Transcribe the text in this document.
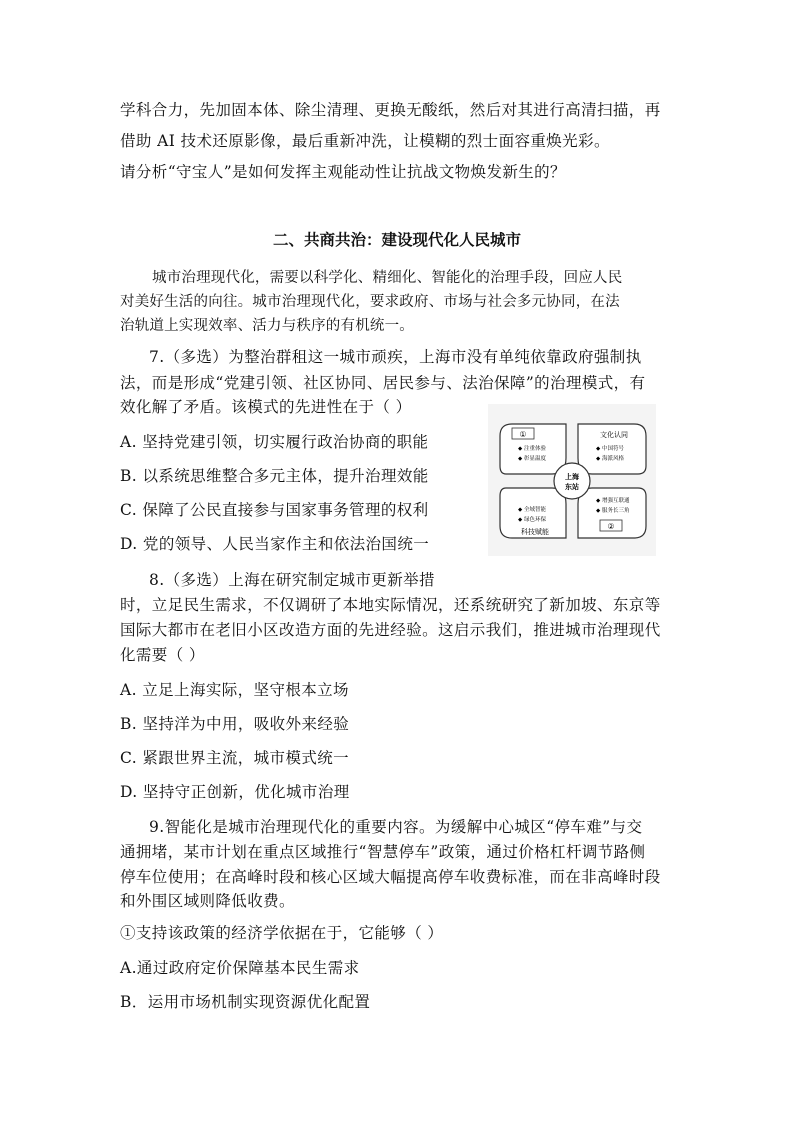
学科合力，先加固本体、除尘清理、更换无酸纸，然后对其进行高清扫描，再
借助 AI 技术还原影像，最后重新冲洗，让模糊的烈士面容重焕光彩。
请分析“守宝人”是如何发挥主观能动性让抗战文物焕发新生的？
二、共商共治：建设现代化人民城市
城市治理现代化，需要以科学化、精细化、智能化的治理手段，回应人民
对美好生活的向往。城市治理现代化，要求政府、市场与社会多元协同，在法
治轨道上实现效率、活力与秩序的有机统一。
7.（多选）为整治群租这一城市顽疾，上海市没有单纯依靠政府强制执
法，而是形成“党建引领、社区协同、居民参与、法治保障”的治理模式，有
效化解了矛盾。该模式的先进性在于（ ）
A. 坚持党建引领，切实履行政治协商的职能
B. 以系统思维整合多元主体，提升治理效能
C. 保障了公民直接参与国家事务管理的权利
D. 党的领导、人民当家作主和依法治国统一
①
②
上海
东站
◆ 注重体验
◆ 彰显温度
文化认同
◆ 中国符号
◆ 海派风格
◆ 全域智能
◆ 绿色环保
科技赋能
◆ 增强互联通
◆ 服务长三角
8.（多选）上海在研究制定城市更新举措
时，立足民生需求，不仅调研了本地实际情况，还系统研究了新加坡、东京等
国际大都市在老旧小区改造方面的先进经验。这启示我们，推进城市治理现代
化需要（ ）
A. 立足上海实际，坚守根本立场
B. 坚持洋为中用，吸收外来经验
C. 紧跟世界主流，城市模式统一
D. 坚持守正创新，优化城市治理
9.智能化是城市治理现代化的重要内容。为缓解中心城区“停车难”与交
通拥堵，某市计划在重点区域推行“智慧停车”政策，通过价格杠杆调节路侧
停车位使用；在高峰时段和核心区域大幅提高停车收费标准，而在非高峰时段
和外围区域则降低收费。
①支持该政策的经济学依据在于，它能够（ ）
A.通过政府定价保障基本民生需求
B．运用市场机制实现资源优化配置
